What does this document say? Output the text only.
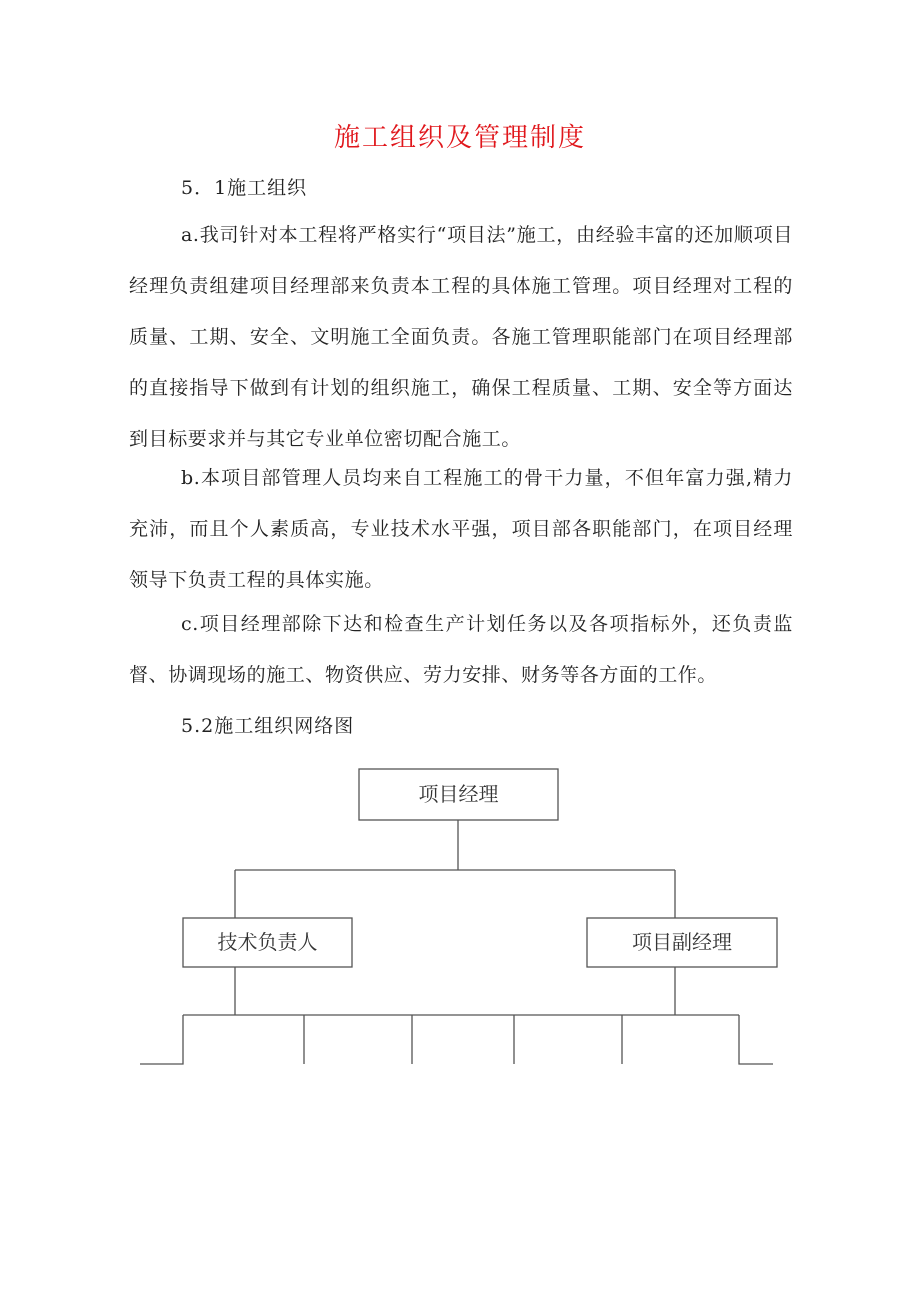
施工组织及管理制度
5．1施工组织

a.我司针对本工程将严格实行“项目法”施工，由经验丰富的还加顺项目经理负责组建项目经理部来负责本工程的具体施工管理。项目经理对工程的质量、工期、安全、文明施工全面负责。各施工管理职能部门在项目经理部的直接指导下做到有计划的组织施工，确保工程质量、工期、安全等方面达到目标要求并与其它专业单位密切配合施工。

b.本项目部管理人员均来自工程施工的骨干力量，不但年富力强,精力充沛，而且个人素质高，专业技术水平强，项目部各职能部门，在项目经理领导下负责工程的具体实施。

c.项目经理部除下达和检查生产计划任务以及各项指标外，还负责监督、协调现场的施工、物资供应、劳力安排、财务等各方面的工作。

5.2施工组织网络图
项目经理
技术负责人	项目副经理
